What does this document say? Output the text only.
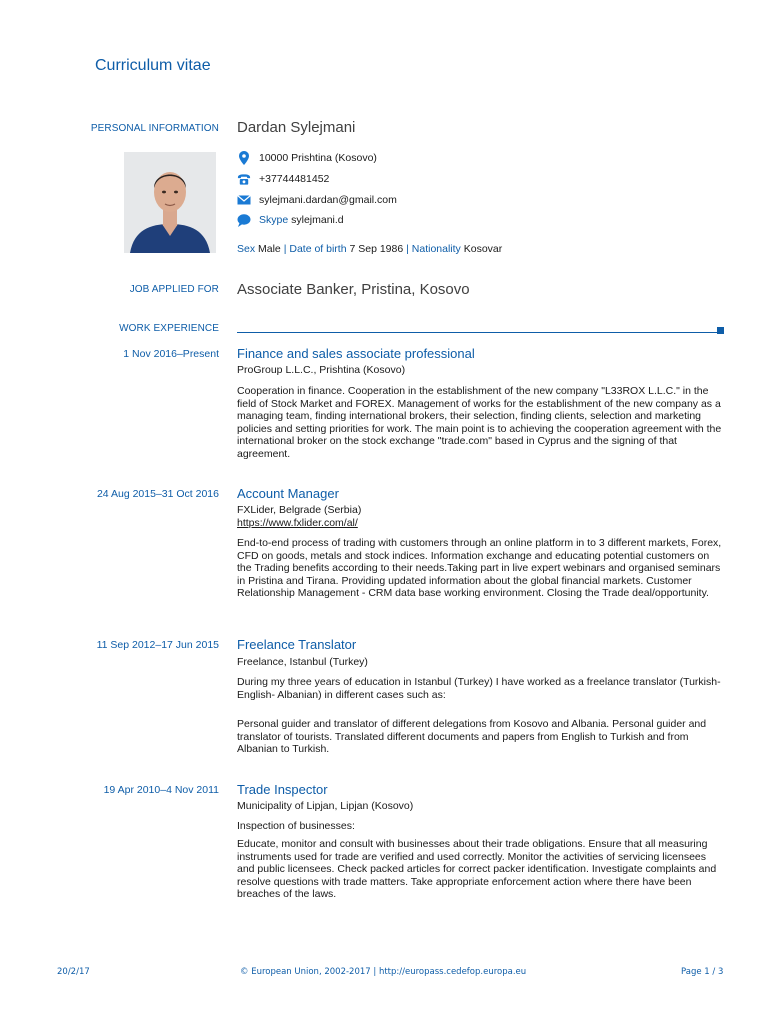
Curriculum vitae
PERSONAL INFORMATION Dardan Sylejmani
10000 Prishtina (Kosovo)
+37744481452
sylejmani.dardan@gmail.com
Skype
sylejmani.d
Sex Male | Date of birth 7 Sep 1986 | Nationality Kosovar
JOB APPLIED FOR Associate Banker, Pristina, Kosovo
WORK EXPERIENCE
1 Nov 2016–Present Finance and sales associate professional
ProGroup L.L.C., Prishtina (Kosovo)
Cooperation in finance. Cooperation in the establishment of the new company "L33ROX L.L.C." in the field of Stock Market and FOREX. Management of works for the establishment of the new company as a managing team, finding international brokers, their selection, finding clients, selection and marketing policies and setting priorities for work. The main point is to achieving the cooperation agreement with the international broker on the stock exchange "trade.com" based in Cyprus and the signing of that agreement.
24 Aug 2015–31 Oct 2016 Account Manager
FXLider, Belgrade (Serbia)
https://www.fxlider.com/al/
End-to-end process of trading with customers through an online platform in to 3 different markets, Forex, CFD on goods, metals and stock indices. Information exchange and educating potential customers on the Trading benefits according to their needs.Taking part in live expert webinars and organised seminars in Pristina and Tirana. Providing updated information about the global financial markets. Customer Relationship Management - CRM data base working environment. Closing the Trade deal/opportunity.
11 Sep 2012–17 Jun 2015 Freelance Translator
Freelance, Istanbul (Turkey)
During my three years of education in Istanbul (Turkey) I have worked as a freelance translator (Turkish-English- Albanian) in different cases such as:
Personal guider and translator of different delegations from Kosovo and Albania. Personal guider and translator of tourists. Translated different documents and papers from English to Turkish and from Albanian to Turkish.
19 Apr 2010–4 Nov 2011 Trade Inspector
Municipality of Lipjan, Lipjan (Kosovo)
Inspection of businesses:
Educate, monitor and consult with businesses about their trade obligations. Ensure that all measuring instruments used for trade are verified and used correctly. Monitor the activities of servicing licensees and public licensees. Check packed articles for correct packer identification. Investigate complaints and resolve questions with trade matters. Take appropriate enforcement action where there have been breaches of the laws.
20/2/17	© European Union, 2002-2017 | http://europass.cedefop.europa.eu	Page 1 / 3
